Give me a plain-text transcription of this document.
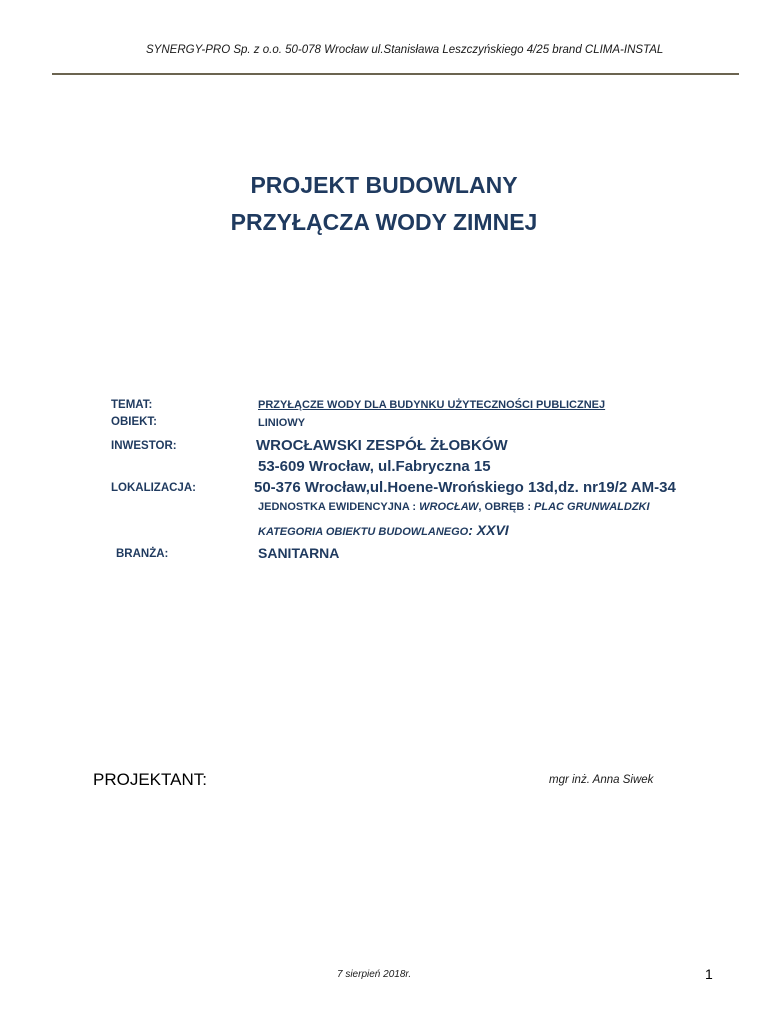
SYNERGY-PRO Sp. z o.o. 50-078 Wrocław ul.Stanisława Leszczyńskiego 4/25 brand CLIMA-INSTAL
PROJEKT BUDOWLANY
PRZYŁĄCZA WODY ZIMNEJ
TEMAT:	PRZYŁĄCZE WODY DLA BUDYNKU UŻYTECZNOŚCI PUBLICZNEJ
OBIEKT:	LINIOWY
INWESTOR:	WROCŁAWSKI ZESPÓŁ ŻŁOBKÓW
53-609 Wrocław, ul.Fabryczna 15
LOKALIZACJA:	50-376 Wrocław,ul.Hoene-Wrońskiego 13d,dz. nr19/2 AM-34
JEDNOSTKA EWIDENCYJNA : WROCŁAW, OBRĘB : PLAC GRUNWALDZKI
KATEGORIA OBIEKTU BUDOWLANEGO: XXVI
BRANŻA:	SANITARNA
PROJEKTANT:	mgr inż. Anna Siwek
7 sierpień 2018r.	1
